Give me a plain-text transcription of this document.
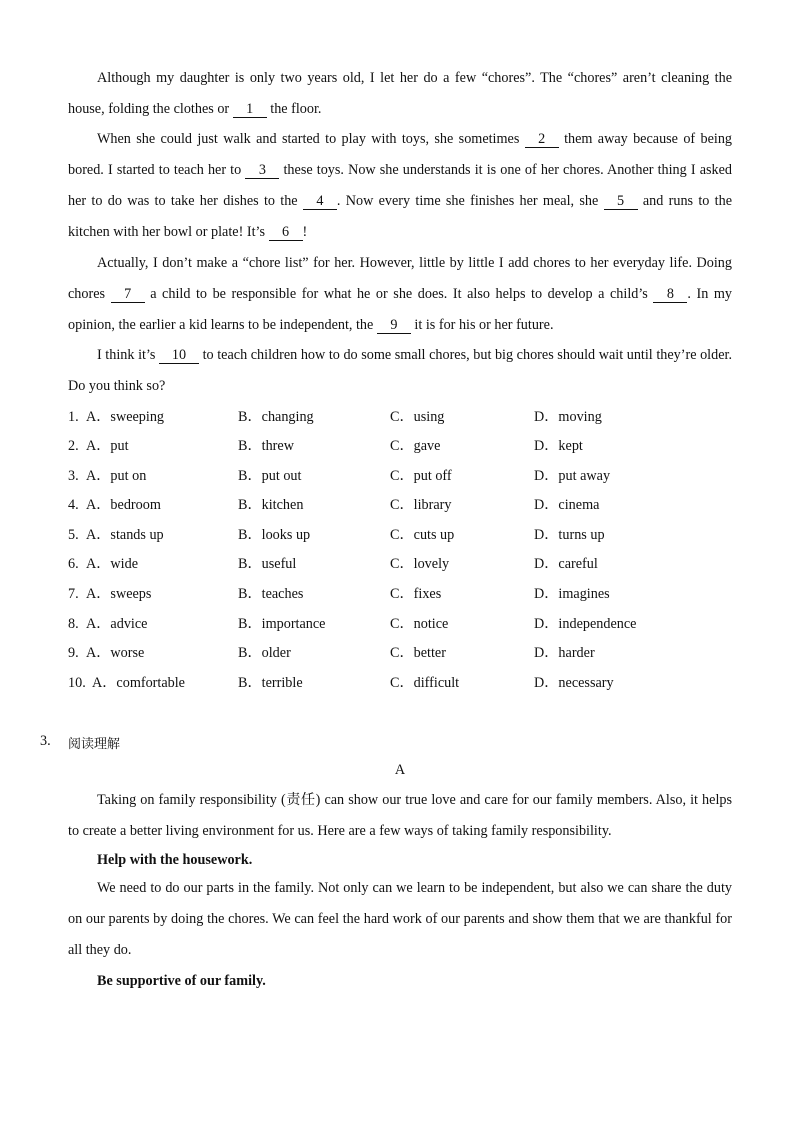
Although my daughter is only two years old, I let her do a few “chores”. The “chores” aren’t cleaning the house, folding the clothes or 1 the floor.

When she could just walk and started to play with toys, she sometimes 2 them away because of being bored. I started to teach her to 3 these toys. Now she understands it is one of her chores. Another thing I asked her to do was to take her dishes to the 4 . Now every time she finishes her meal, she 5 and runs to the kitchen with her bowl or plate! It’s 6 !

Actually, I don’t make a “chore list” for her. However, little by little I add chores to her everyday life. Doing chores 7 a child to be responsible for what he or she does. It also helps to develop a child’s 8 . In my opinion, the earlier a kid learns to be independent, the 9 it is for his or her future.

I think it’s 10 to teach children how to do some small chores, but big chores should wait until they’re older. Do you think so?

1. A．sweeping	B．changing	C．using	D．moving
2. A．put	B．threw	C．gave	D．kept
3. A．put on	B．put out	C．put off	D．put away
4. A．bedroom	B．kitchen	C．library	D．cinema
5. A．stands up	B．looks up	C．cuts up	D．turns up
6. A．wide	B．useful	C．lovely	D．careful
7. A．sweeps	B．teaches	C．fixes	D．imagines
8. A．advice	B．importance	C．notice	D．independence
9. A．worse	B．older	C．better	D．harder
10. A．comfortable	B．terrible	C．difficult	D．necessary
3. 阅读理解
A

Taking on family responsibility (责任) can show our true love and care for our family members. Also, it helps to create a better living environment for us. Here are a few ways of taking family responsibility.

Help with the housework.

We need to do our parts in the family. Not only can we learn to be independent, but also we can share the duty on our parents by doing the chores. We can feel the hard work of our parents and show them that we are thankful for all they do.

Be supportive of our family.
